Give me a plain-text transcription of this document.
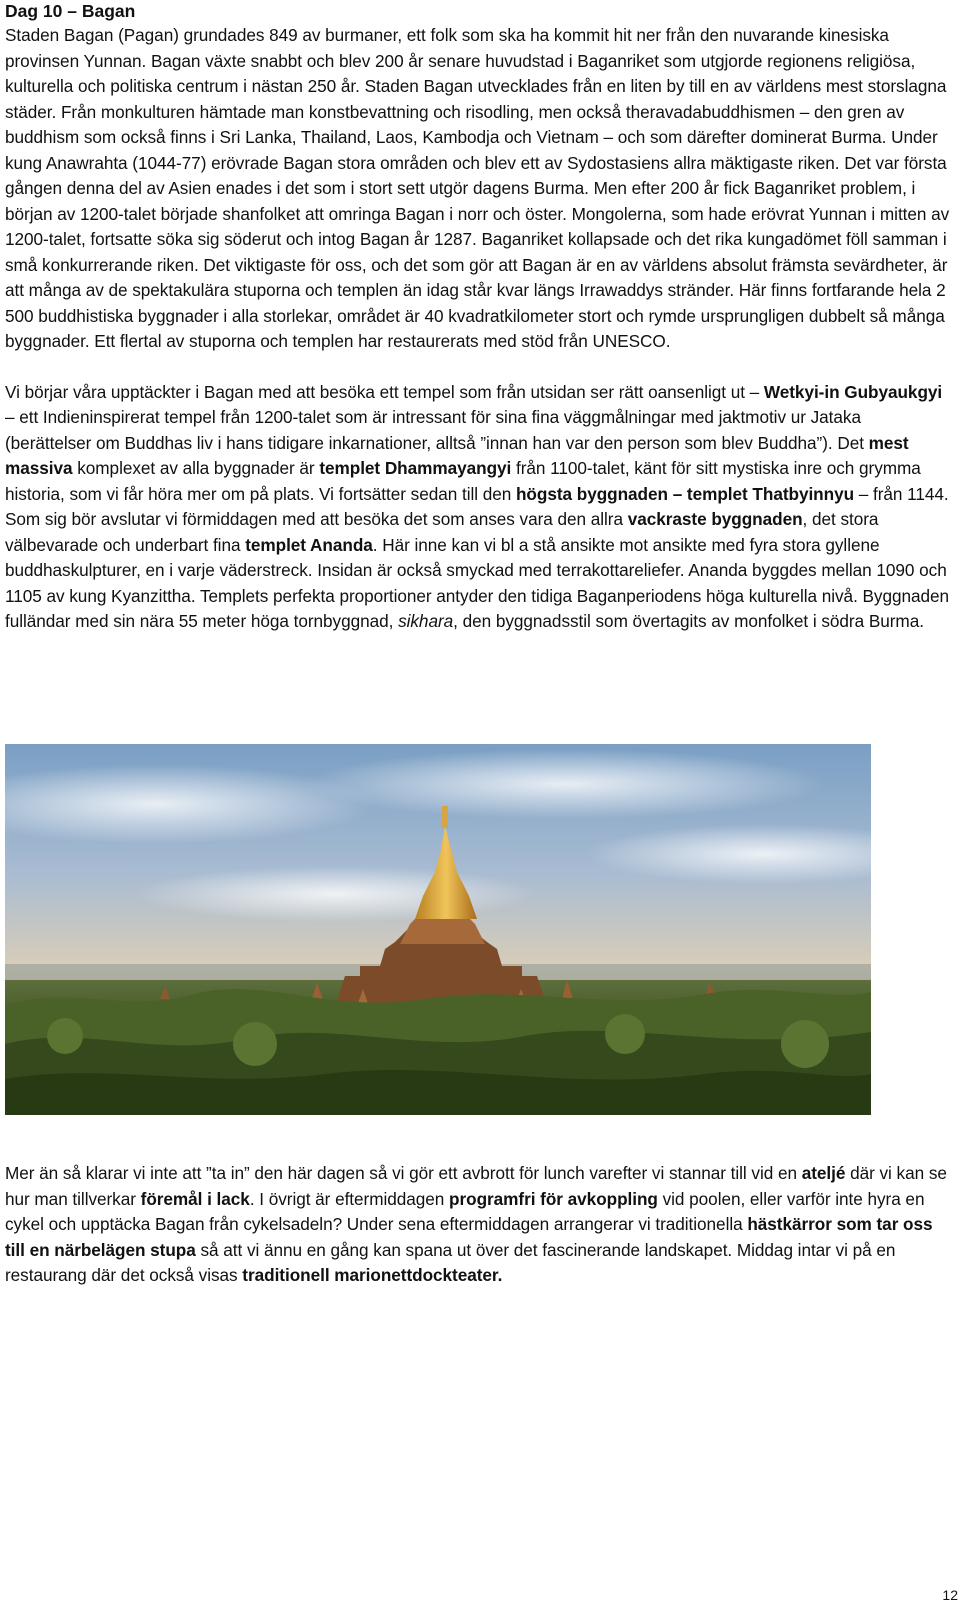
Dag 10 – Bagan

Staden Bagan (Pagan) grundades 849 av burmaner, ett folk som ska ha kommit hit ner från den nuvarande kinesiska provinsen Yunnan. Bagan växte snabbt och blev 200 år senare huvudstad i Baganriket som utgjorde regionens religiösa, kulturella och politiska centrum i nästan 250 år. Staden Bagan utvecklades från en liten by till en av världens mest storslagna städer. Från monkulturen hämtade man konstbevattning och risodling, men också theravadabuddhismen – den gren av buddhism som också finns i Sri Lanka, Thailand, Laos, Kambodja och Vietnam – och som därefter dominerat Burma. Under kung Anawrahta (1044-77) erövrade Bagan stora områden och blev ett av Sydostasiens allra mäktigaste riken. Det var första gången denna del av Asien enades i det som i stort sett utgör dagens Burma. Men efter 200 år fick Baganriket problem, i början av 1200-talet började shanfolket att omringa Bagan i norr och öster. Mongolerna, som hade erövrat Yunnan i mitten av 1200-talet, fortsatte söka sig söderut och intog Bagan år 1287. Baganriket kollapsade och det rika kungadömet föll samman i små konkurrerande riken. Det viktigaste för oss, och det som gör att Bagan är en av världens absolut främsta sevärdheter, är att många av de spektakulära stuporna och templen än idag står kvar längs Irrawaddys stränder. Här finns fortfarande hela 2 500 buddhistiska byggnader i alla storlekar, området är 40 kvadratkilometer stort och rymde ursprungligen dubbelt så många byggnader. Ett flertal av stuporna och templen har restaurerats med stöd från UNESCO.

Vi börjar våra upptäckter i Bagan med att besöka ett tempel som från utsidan ser rätt oansenligt ut – Wetkyi-in Gubyaukgyi – ett Indieninspirerat tempel från 1200-talet som är intressant för sina fina väggmålningar med jaktmotiv ur Jataka (berättelser om Buddhas liv i hans tidigare inkarnationer, alltså ”innan han var den person som blev Buddha”). Det mest massiva komplexet av alla byggnader är templet Dhammayangyi från 1100-talet, känt för sitt mystiska inre och grymma historia, som vi får höra mer om på plats. Vi fortsätter sedan till den högsta byggnaden – templet Thatbyinnyu – från 1144. Som sig bör avslutar vi förmiddagen med att besöka det som anses vara den allra vackraste byggnaden, det stora välbevarade och underbart fina templet Ananda. Här inne kan vi bl a stå ansikte mot ansikte med fyra stora gyllene buddhaskulpturer, en i varje väderstreck. Insidan är också smyckad med terrakottareliefer. Ananda byggdes mellan 1090 och 1105 av kung Kyanzittha. Templets perfekta proportioner antyder den tidiga Baganperiodens höga kulturella nivå. Byggnaden fulländar med sin nära 55 meter höga tornbyggnad, sikhara, den byggnadsstil som övertagits av monfolket i södra Burma.

Mer än så klarar vi inte att ”ta in” den här dagen så vi gör ett avbrott för lunch varefter vi stannar till vid en ateljé där vi kan se hur man tillverkar föremål i lack. I övrigt är eftermiddagen programfri för avkoppling vid poolen, eller varför inte hyra en cykel och upptäcka Bagan från cykelsadeln? Under sena eftermiddagen arrangerar vi traditionella hästkärror som tar oss till en närbelägen stupa så att vi ännu en gång kan spana ut över det fascinerande landskapet. Middag intar vi på en restaurang där det också visas traditionell marionettdockteater.

12
